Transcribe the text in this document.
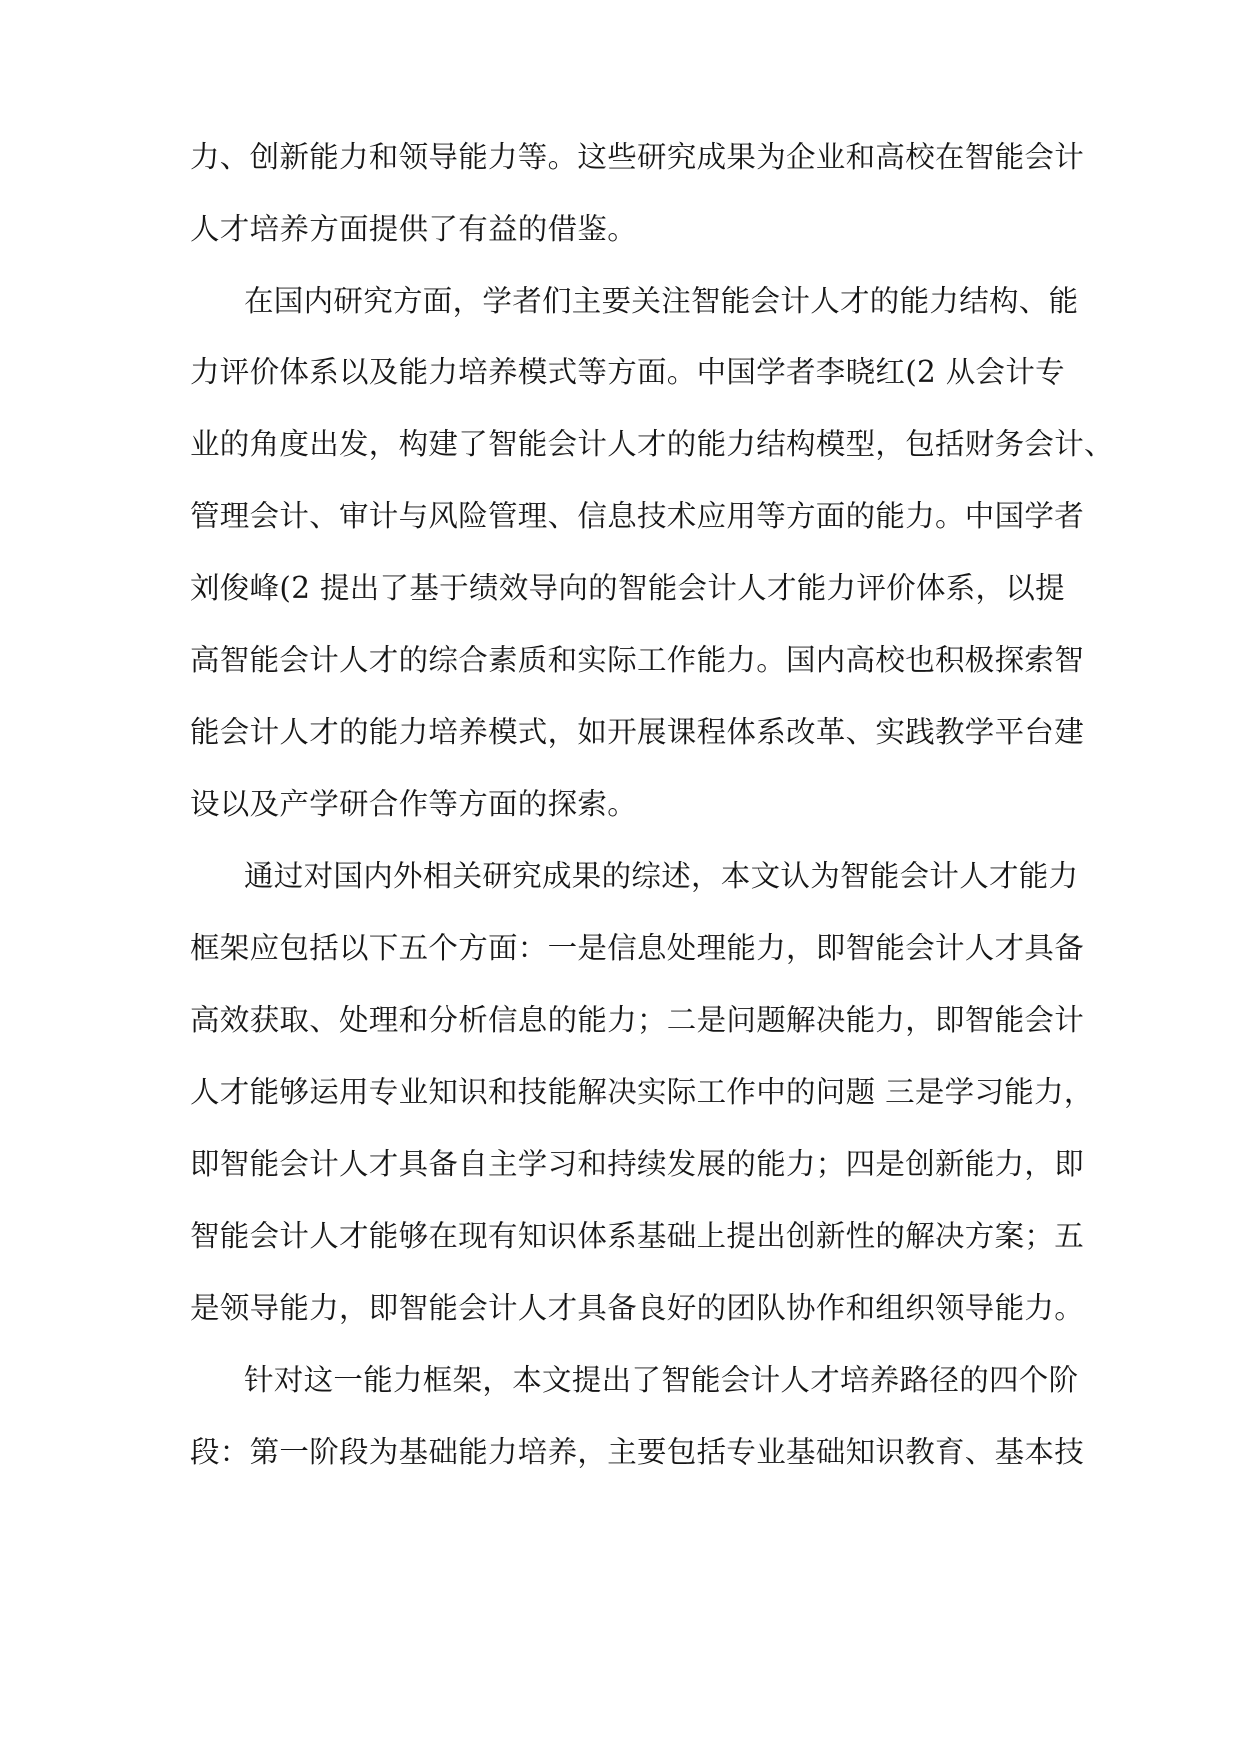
力、创新能力和领导能力等。这些研究成果为企业和高校在智能会计
人才培养方面提供了有益的借鉴。
在国内研究方面，学者们主要关注智能会计人才的能力结构、能
力评价体系以及能力培养模式等方面。中国学者李晓红(2 从会计专
业的角度出发，构建了智能会计人才的能力结构模型，包括财务会计、
管理会计、审计与风险管理、信息技术应用等方面的能力。中国学者
刘俊峰(2 提出了基于绩效导向的智能会计人才能力评价体系，以提
高智能会计人才的综合素质和实际工作能力。国内高校也积极探索智
能会计人才的能力培养模式，如开展课程体系改革、实践教学平台建
设以及产学研合作等方面的探索。
通过对国内外相关研究成果的综述，本文认为智能会计人才能力
框架应包括以下五个方面：一是信息处理能力，即智能会计人才具备
高效获取、处理和分析信息的能力；二是问题解决能力，即智能会计
人才能够运用专业知识和技能解决实际工作中的问题 三是学习能力，
即智能会计人才具备自主学习和持续发展的能力；四是创新能力，即
智能会计人才能够在现有知识体系基础上提出创新性的解决方案；五
是领导能力，即智能会计人才具备良好的团队协作和组织领导能力。
针对这一能力框架，本文提出了智能会计人才培养路径的四个阶
段：第一阶段为基础能力培养，主要包括专业基础知识教育、基本技
